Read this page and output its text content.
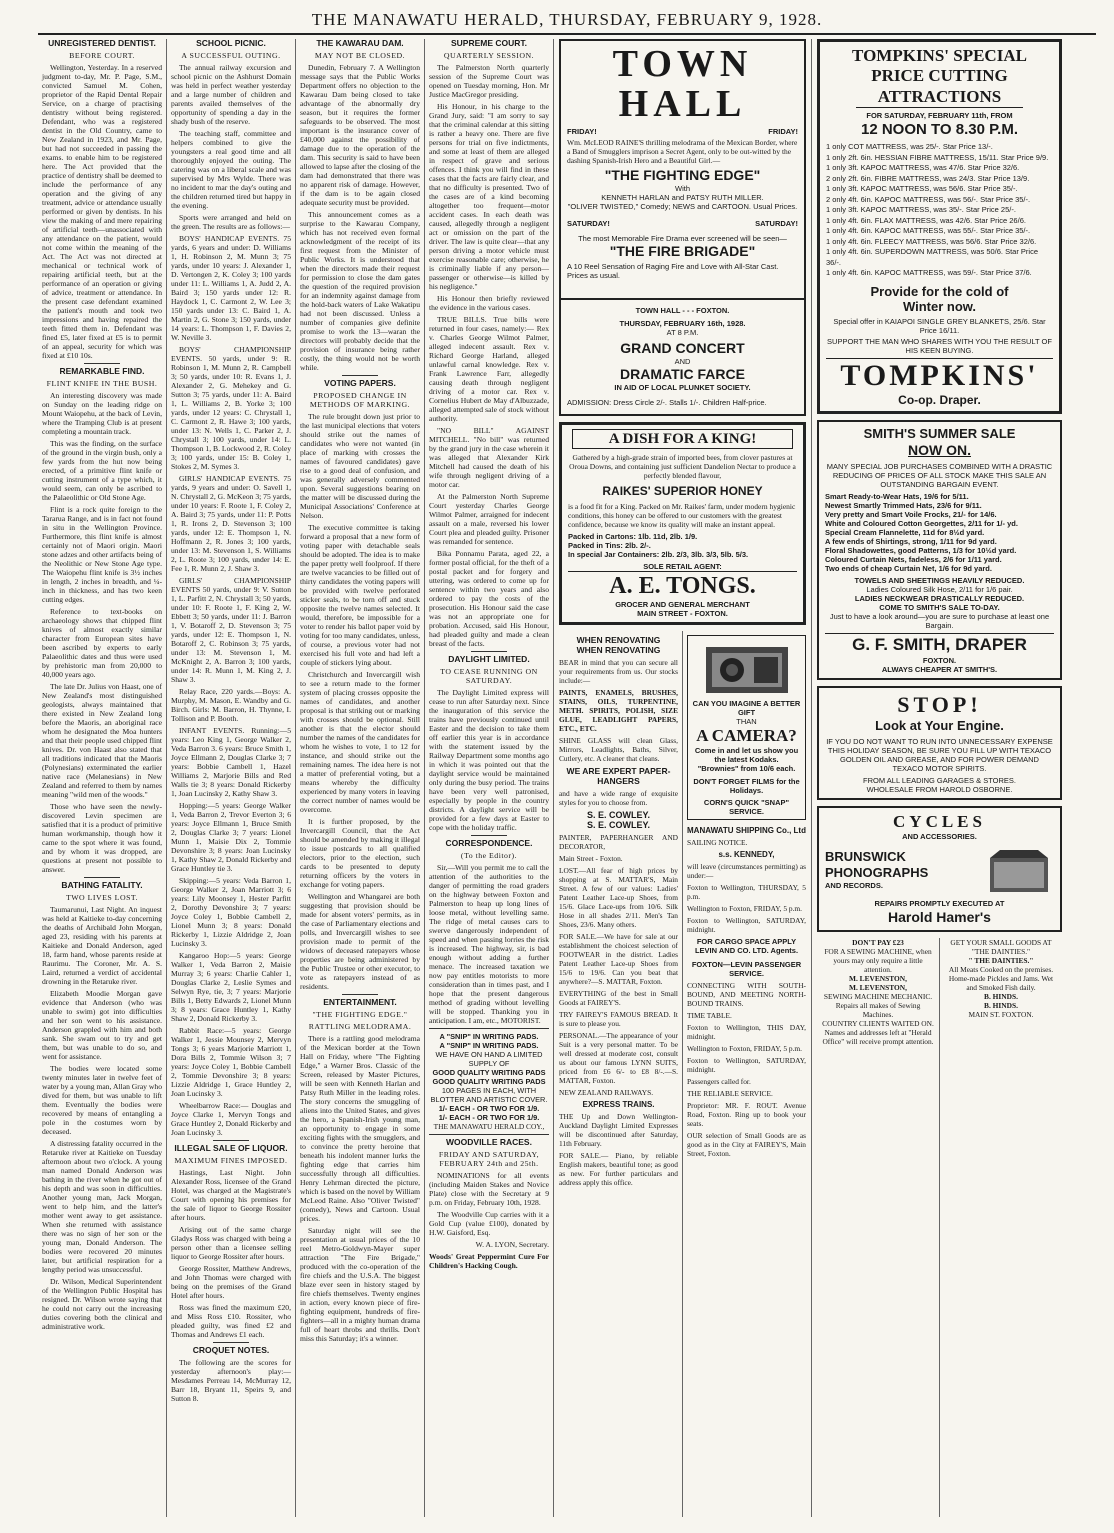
THE MANAWATU HERALD, THURSDAY, FEBRUARY 9, 1928.

UNREGISTERED DENTIST.

BEFORE COURT.

Wellington, Yesterday. In a reserved judgment to-day, Mr. P. Page, S.M., convicted Samuel M. Cohen, proprietor of the Rapid Dental Repair Service, on a charge of practising dentistry without being registered. Defendant, who was a registered dentist in the Old Country, came to New Zealand in 1923, and Mr. Page, but had not succeeded in passing the exams. to enable him to be registered here. The Act provided that the practice of dentistry shall be deemed to include the performance of any operation and the giving of any treatment, advice or attendance usually performed or given by dentists. In his view the making of and mere repairing of artificial teeth—unassociated with any attendance on the patient, would not come within the meaning of the Act. The Act was not directed at mechanical or technical work of repairing artificial teeth, but at the performance of an operation or giving of advice, treatment or attendance. In the present case defendant examined the patient's mouth and took two impressions and having repaired the teeth fitted them in. Defendant was fined £5, later fixed at £5 is to permit of an appeal, security for which was fixed at £10 10s.

REMARKABLE FIND.

FLINT KNIFE IN THE BUSH.

An interesting discovery was made on Sunday on the leading ridge on Mount Waiopehu, at the back of Levin, where the Tramping Club is at present completing a mountain track.

This was the finding, on the surface of the ground in the virgin bush, only a few yards from the hut now being erected, of a primitive flint knife or cutting instrument of a type which, it would seem, can only be ascribed to the Palaeolithic or Old Stone Age.

Flint is a rock quite foreign to the Tararua Range, and is in fact not found in situ in the Wellington Province. Furthermore, this flint knife is almost certainly not of Maori origin. Maori stone adzes and other artifacts being of the Neolithic or New Stone Age type. The Waiopehu flint knife is 3½ inches in length, 2 inches in breadth, and ¼-inch in thickness, and has two keen cutting edges.

Reference to text-books on archaeology shows that chipped flint knives of almost exactly similar character from European sites have been ascribed by experts to early Palaeolithic dates and thus were used by prehistoric man from 20,000 to 40,000 years ago.

The late Dr. Julius von Haast, one of New Zealand's most distinguished geologists, always maintained that there existed in New Zealand long before the Maoris, an aboriginal race whom he designated the Moa hunters and that their people used chipped flint knives. Dr. von Haast also stated that all traditions indicated that the Maoris (Polynesians) exterminated the earlier native race (Melanesians) in New Zealand and referred to them by names meaning "wild men of the woods."

Those who have seen the newly-discovered Levin specimen are satisfied that it is a product of primitive human workmanship, though how it came to the spot where it was found, and by whom it was dropped, are questions at present not possible to answer.

BATHING FATALITY.

TWO LIVES LOST.

Taumarunui, Last Night. An inquest was held at Kaitieke to-day concerning the deaths of Archibald John Morgan, aged 23, residing with his parents at Kaitieke and Donald Anderson, aged 18, farm hand, whose parents reside at Raurimu. The Coroner, Mr. A. S. Laird, returned a verdict of accidental drowning in the Retaruke river.

Elizabeth Moodie Morgan gave evidence that Anderson (who was unable to swim) got into difficulties and her son went to his assistance. Anderson grappled with him and both sank. She swam out to try and get them, but was unable to do so, and went for assistance.

The bodies were located some twenty minutes later in twelve feet of water by a young man, Allan Gray who dived for them, but was unable to lift them. Eventually the bodies were recovered by means of entangling a pole in the costumes worn by deceased.

A distressing fatality occurred in the Retaruke river at Kaitieke on Tuesday afternoon about two o'clock. A young man named Donald Anderson was bathing in the river when he got out of his depth and was soon in difficulties. Another young man, Jack Morgan, went to help him, and the latter's mother went away to get assistance. When she returned with assistance there was no sign of her son or the young man, Donald Anderson. The bodies were recovered 20 minutes later, but artificial respiration for a lengthy period was unsuccessful.

Dr. Wilson, Medical Superintendent of the Wellington Public Hospital has resigned. Dr. Wilson wrote saying that he could not carry out the increasing duties covering both the clinical and administrative work.

SCHOOL PICNIC.

A SUCCESSFUL OUTING.

The annual railway excursion and school picnic on the Ashhurst Domain was held in perfect weather yesterday and a large number of children and parents availed themselves of the opportunity of spending a day in the shady bush of the reserve.

The teaching staff, committee and helpers combined to give the youngsters a real good time and all thoroughly enjoyed the outing. The catering was on a liberal scale and was supervised by Mrs Wylde. There was no incident to mar the day's outing and the children returned tired but happy in the evening.

Sports were arranged and held on the green. The results are as follows:—

BOYS' HANDICAP EVENTS. 75 yards, 6 years and under: D. Williams 1, H. Robinson 2, M. Munn 3; 75 yards, under 10 years: J. Alexander 1, D. Vertongen 2, K. Coley 3; 100 yards under 11: L. Williams 1, A. Judd 2, A. Baird 3; 150 yards under 12: R. Haydock 1, C. Carmont 2, W. Lee 3; 150 yards under 13: C. Baird 1, A. Martin 2, G. Stone 3; 150 yards, under 14 years: L. Thompson 1, F. Davies 2, W. Neville 3.

BOYS' CHAMPIONSHIP EVENTS. 50 yards, under 9: R. Robinson 1, M. Munn 2, R. Campbell 3; 50 yards, under 10: R. Evans 1, J. Alexander 2, G. Mehekey and G. Sutton 3; 75 yards, under 11: A. Baird 1, L. Williams 2, B. Yorke 3; 100 yards, under 12 years: C. Chrystall 1, C. Carmont 2, R. Hawe 3; 100 yards, under 13: N. Wells 1, C. Parker 2, J. Chrystall 3; 100 yards, under 14: L. Thompson 1, B. Lockwood 2, R. Coley 3; 100 yards, under 15: B. Coley 1, Stokes 2, M. Symes 3.

GIRLS' HANDICAP EVENTS. 75 yards, 9 years and under: O. Savell 1, N. Chrystall 2, G. McKeon 3; 75 yards, under 10 years: F. Roote 1, F. Coley 2, A. Baird 3; 75 yards, under 11: P. Potts 1, R. Irons 2, D. Stevenson 3; 100 yards, under 12: E. Thompson 1, N. Hoffmann 2, R. Jones 3; 100 yards, under 13: M. Stevenson 1, S. Williams 2, L. Roote 3; 100 yards, under 14: E. Fee 1, R. Munn 2, J. Shaw 3.

GIRLS' CHAMPIONSHIP EVENTS 50 yards, under 9: V. Sutton 1, L. Parfitt 2, N. Chrystall 3; 50 yards, under 10: F. Roote 1, F. King 2, W. Ebbett 3; 50 yards, under 11: J. Barron 1, V. Botaroff 2, D. Stevenson 3; 75 yards, under 12: E. Thompson 1, N. Botaroff 2, C. Robinson 3; 75 yards, under 13: M. Stevenson 1, M. McKnight 2, A. Barron 3; 100 yards, under 14: R. Munn 1, M. King 2, J. Shaw 3.

Relay Race, 220 yards.—Boys: A. Murphy, M. Mason, E. Wandby and G. Birch. Girls: M. Barron, H. Thynne, I. Tollison and P. Booth.

INFANT EVENTS. Running:—5 years: Leo King 1, George Walker 2, Veda Barron 3. 6 years: Bruce Smith 1, Joyce Ellmann 2, Douglas Clarke 3; 7 years: Bobbie Cambell 1, Hazel Williams 2, Marjorie Bills and Red Walls tie 3; 8 years: Donald Rickerby 1, Joan Lucinsky 2, Kathy Shaw 3.

Hopping:—5 years: George Walker 1, Veda Barron 2, Trevor Everton 3; 6 years: Joyce Ellmann 1, Bruce Smith 2, Douglas Clarke 3; 7 years: Lionel Munn 1, Maisie Dix 2, Tommie Devonshire 3; 8 years: Joan Lucinsky 1, Kathy Shaw 2, Donald Rickerby and Grace Huntley tie 3.

Skipping:—5 years: Veda Barron 1, George Walker 2, Joan Marriott 3; 6 years: Lily Moonsey 1, Hester Parfitt 2, Dorothy Devonshire 3; 7 years: Joyce Coley 1, Bobbie Cambell 2, Lionel Munn 3; 8 years: Donald Rickerby 1, Lizzie Aldridge 2, Joan Lucinsky 3.

Kangaroo Hop:—5 years: George Walker 1, Veda Barron 2, Maisie Murray 3; 6 years: Charlie Cahler 1, Douglas Clarke 2, Leslie Symes and Selwyn Rye, tie, 3; 7 years: Marjorie Bills 1, Betty Edwards 2, Lionel Munn 3; 8 years: Grace Huntley 1, Kathy Shaw 2, Donald Rickerby 3.

Rabbit Race:—5 years: George Walker 1, Jessie Mounsey 2, Mervyn Tongs 3; 6 years Marjorie Marriott 1, Dora Bills 2, Tommie Wilson 3; 7 years: Joyce Coley 1, Bobbie Cambell 2, Tommie Devonshire 3; 8 years: Lizzie Aldridge 1, Grace Huntley 2, Joan Lucinsky 3.

Wheelbarrow Race:— Douglas and Joyce Clarke 1, Mervyn Tongs and Grace Huntley 2, Donald Rickerby and Joan Lucinsky 3.

ILLEGAL SALE OF LIQUOR.

MAXIMUM FINES IMPOSED.

Hastings, Last Night. John Alexander Ross, licensee of the Grand Hotel, was charged at the Magistrate's Court with opening his premises for the sale of liquor to George Rossiter after hours.

Arising out of the same charge Gladys Ross was charged with being a person other than a licensee selling liquor to George Rossiter after hours.

George Rossiter, Matthew Andrews, and John Thomas were charged with being on the premises of the Grand Hotel after hours.

Ross was fined the maximum £20, and Miss Ross £10. Rossiter, who pleaded guilty, was fined £2 and Thomas and Andrews £1 each.

CROQUET NOTES.

The following are the scores for yesterday afternoon's play:— Mesdames Perreau 14, McMurray 12, Barr 18, Bryant 11, Speirs 9, and Sutton 8.

THE KAWARAU DAM.

MAY NOT BE CLOSED.

Dunedin, February 7. A Wellington message says that the Public Works Department offers no objection to the Kawarau Dam being closed to take advantage of the abnormally dry season, but it requires the former safeguards to be observed. The most important is the insurance cover of £40,000 against the possibility of damage due to the operation of the dam. This security is said to have been allowed to lapse after the closing of the dam had demonstrated that there was no apparent risk of damage. However, if the dam is to be again closed adequate security must be provided.

This announcement comes as a surprise to the Kawarau Company, which has not received even formal acknowledgment of the receipt of its first request from the Minister of Public Works. It is understood that when the directors made their request for permission to close the dam gates the question of the required provision for an indemnity against damage from the hold-back waters of Lake Wakatipu had not been discussed. Unless a number of companies give definite promise to work the 13—waran the directors will probably decide that the provision of insurance being rather costly, the thing would not be worth while.

VOTING PAPERS.

PROPOSED CHANGE IN METHODS OF MARKING.

The rule brought down just prior to the last municipal elections that voters should strike out the names of candidates who were not wanted (in place of marking with crosses the names of favoured candidates) gave rise to a good deal of confusion, and was generally adversely commented upon. Several suggestions bearing on the matter will be discussed during the Municipal Associations' Conference at Nelson.

The executive committee is taking forward a proposal that a new form of voting paper with detachable seals should be adopted. The idea is to make the paper pretty well foolproof. If there are twelve vacancies to be filled out of thirty candidates the voting papers will be provided with twelve perforated sticker seals, to be torn off and stuck opposite the twelve names selected. It would, therefore, be impossible for a voter to render his ballot paper void by voting for too many candidates, unless, of course, a previous voter had not exercised his full vote and had left a couple of stickers lying about.

Christchurch and Invercargill wish to see a return made to the former system of placing crosses opposite the names of candidates, and another proposal is that striking out or marking with crosses should be optional. Still another is that the elector should number the names of the candidates for whom he wishes to vote, 1 to 12 for instance, and should strike out the remaining names. The idea here is not a matter of preferential voting, but a means whereby the difficulty experienced by many voters in leaving the correct number of names would be overcome.

It is further proposed, by the Invercargill Council, that the Act should be amended by making it illegal to issue postcards to all qualified electors, prior to the election, such cards to be presented to deputy returning officers by the voters in exchange for voting papers.

Wellington and Whangarei are both suggesting that provision should be made for absent voters' permits, as in the case of Parliamentary elections and polls, and Invercargill wishes to see provision made to permit of the widows of deceased ratepayers whose properties are being administered by the Public Trustee or other executor, to vote as ratepayers instead of as residents.

ENTERTAINMENT.

"THE FIGHTING EDGE."

RATTLING MELODRAMA.

There is a rattling good melodrama of the Mexican border at the Town Hall on Friday, where "The Fighting Edge," a Warner Bros. Classic of the Screen, released by Master Pictures, will be seen with Kenneth Harlan and Patsy Ruth Miller in the leading roles. The story concerns the smuggling of aliens into the United States, and gives the hero, a Spanish-Irish young man, an opportunity to engage in some exciting fights with the smugglers, and to convince the pretty heroine that beneath his indolent manner lurks the fighting edge that carries him successfully through all difficulties. Henry Lehrman directed the picture, which is based on the novel by William McLeod Raine. Also "Oliver Twisted" (comedy), News and Cartoon. Usual prices.

Saturday night will see the presentation at usual prices of the 10 reel Metro-Goldwyn-Mayer super attraction "The Fire Brigade," produced with the co-operation of the fire chiefs and the U.S.A. The biggest blaze ever seen in history staged by fire chiefs themselves. Twenty engines in action, every known piece of fire-fighting equipment, hundreds of fire-fighters—all in a mighty human drama full of heart throbs and thrills. Don't miss this Saturday; it's a winner.

SUPREME COURT.

QUARTERLY SESSION.

The Palmerston North quarterly session of the Supreme Court was opened on Tuesday morning, Hon. Mr Justice MacGregor presiding.

His Honour, in his charge to the Grand Jury, said: "I am sorry to say that the criminal calendar at this sitting is rather a heavy one. There are five persons for trial on five indictments, and some at least of them are alleged in respect of grave and serious offences. I think you will find in these cases that the facts are fairly clear, and that no difficulty is presented. Two of the cases are of a kind becoming altogether too frequent—motor accident cases. In each death was caused, allegedly through a negligent act or omission on the part of the driver. The law is quite clear—that any person driving a motor vehicle must exercise reasonable care; otherwise, he is criminally liable if any person—passenger or otherwise—is killed by his negligence."

His Honour then briefly reviewed the evidence in the various cases.

TRUE BILLS. True bills were returned in four cases, namely:— Rex v. Charles George Wilmot Palmer, alleged indecent assault. Rex v. Richard George Harland, alleged unlawful carnal knowledge. Rex v. Frank Lawrence Farr, allegedly causing death through negligent driving of a motor car. Rex v. Cornelius Hubert de May d'Albuzzade, alleged attempted sale of stock without authority.

"NO BILL" AGAINST MITCHELL. "No bill" was returned by the grand jury in the case wherein it was alleged that Alexander Kirk Mitchell had caused the death of his wife through negligent driving of a motor car.

At the Palmerston North Supreme Court yesterday Charles George Wilmot Palmer, arraigned for indecent assault on a male, reversed his lower Court plea and pleaded guilty. Prisoner was remanded for sentence.

Bika Ponnamu Parata, aged 22, a former postal official, for the theft of a postal packet and for forgery and uttering, was ordered to come up for sentence within two years and also ordered to pay the costs of the prosecution. His Honour said the case was not an appropriate one for probation. Accused, said His Honour, had pleaded guilty and made a clean breast of the facts.

DAYLIGHT LIMITED.

TO CEASE RUNNING ON SATURDAY.

The Daylight Limited express will cease to run after Saturday next. Since the inauguration of this service the trains have previously continued until Easter and the decision to take them off earlier this year is in accordance with the statement issued by the Railway Department some months ago in which it was pointed out that the daylight service would be maintained only during the busy period. The trains have been very well patronised, especially by people in the country districts. A daylight service will be provided for a few days at Easter to cope with the holiday traffic.

CORRESPONDENCE.

(To the Editor).

Sir,—Will you permit me to call the attention of the authorities to the danger of permitting the road graders on the highway between Foxton and Palmerston to heap up long lines of loose metal, without levelling same. The ridge of metal causes cars to swerve dangerously independent of speed and when passing lorries the risk is increased. The highway, sir, is bad enough without adding a further menace. The increased taxation we now pay entitles motorists to more consideration than in times past, and I hope that the present dangerous method of grading without levelling will be stopped. Thanking you in anticipation. I am, etc., MOTORIST.

A "SNIP" IN WRITING PADS.
A "SNIP" IN WRITING PADS.
WE HAVE ON HAND A LIMITED SUPPLY OF
GOOD QUALITY WRITING PADS
GOOD QUALITY WRITING PADS
100 PAGES IN EACH, WITH BLOTTER AND ARTISTIC COVER.
1/- EACH - OR TWO FOR 1/9.
1/- EACH - OR TWO FOR 1/9.
THE MANAWATU HERALD COY.,

WOODVILLE RACES.

FRIDAY AND SATURDAY, FEBRUARY 24th and 25th.

NOMINATIONS for all events (including Maiden Stakes and Novice Plate) close with the Secretary at 9 p.m. on Friday, February 10th, 1928.

The Woodville Cup carries with it a Gold Cup (value £100), donated by H.W. Gaisford, Esq.

W. A. LYON, Secretary.

Woods' Great Peppermint Cure For Children's Hacking Cough.

TOWN HALL
FRIDAY!	FRIDAY!
Wm. McLEOD RAINE'S thrilling melodrama of the Mexican Border, where a Band of Smugglers imprison a Secret Agent, only to be out-witted by the dashing Spanish-Irish Hero and a Beautiful Girl.—
"THE FIGHTING EDGE"
With
KENNETH HARLAN and PATSY RUTH MILLER.
"OLIVER TWISTED," Comedy; NEWS and CARTOON. Usual Prices.
SATURDAY!	SATURDAY!
The most Memorable Fire Drama ever screened will be seen—
"THE FIRE BRIGADE"
A 10 Reel Sensation of Raging Fire and Love with All-Star Cast.
Prices as usual.
TOWN HALL - - - FOXTON.
THURSDAY, FEBRUARY 16th, 1928.
AT 8 P.M.
GRAND CONCERT
AND
DRAMATIC FARCE
IN AID OF LOCAL PLUNKET SOCIETY.
ADMISSION: Dress Circle 2/-. Stalls 1/-. Children Half-price.
A DISH FOR A KING!
Gathered by a high-grade strain of imported bees, from clover pastures at Oroua Downs, and containing just sufficient Dandelion Nectar to produce a perfectly blended flavour,
RAIKES' SUPERIOR HONEY
is a food fit for a King. Packed on Mr. Raikes' farm, under modern hygienic conditions, this honey can be offered to our customers with the greatest confidence, because we know its quality will make an instant appeal.
Packed in Cartons: 1lb. 11d, 2lb. 1/9.
Packed in Tins: 2lb. 2/-.
In special Jar Containers: 2lb. 2/3, 3lb. 3/3, 5lb. 5/3.
SOLE RETAIL AGENT:
A. E. TONGS.
GROCER AND GENERAL MERCHANT
MAIN STREET - FOXTON.
WHEN RENOVATING
WHEN RENOVATING
BEAR in mind that you can secure all your requirements from us. Our stocks include:—
PAINTS, ENAMELS, BRUSHES, STAINS, OILS, TURPENTINE, METH. SPIRITS, POLISH, SIZE GLUE, LEADLIGHT PAPERS, ETC., ETC.
SHINE GLASS will clean Glass, Mirrors, Leadlights, Baths, Silver, Cutlery, etc. A cleaner that cleans.
WE ARE EXPERT PAPER-HANGERS
and have a wide range of exquisite styles for you to choose from.
S. E. COWLEY.
S. E. COWLEY.
PAINTER, PAPERHANGER AND DECORATOR,
Main Street - Foxton.
LOST.—All fear of high prices by shopping at S. MATTAR'S, Main Street. A few of our values: Ladies' Patent Leather Lace-up Shoes, from 15/6. Glace Lace-ups from 10/6. Silk Hose in all shades 2/11. Men's Tan Shoes, 23/6. Many others.
FOR SALE.—We have for sale at our establishment the choicest selection of FOOTWEAR in the district. Ladies Patent Leather Lace-up Shoes from 15/6 to 19/6. Can you beat that anywhere?—S. MATTAR, Foxton.
EVERYTHING of the best in Small Goods at FAIREY'S.
TRY FAIREY'S FAMOUS BREAD. It is sure to please you.
PERSONAL.—The appearance of your Suit is a very personal matter. To be well dressed at moderate cost, consult us about our famous LYNN SUITS, priced from £6 6/- to £8 8/-.—S. MATTAR, Foxton.
NEW ZEALAND RAILWAYS.
EXPRESS TRAINS.
THE Up and Down Wellington-Auckland Daylight Limited Expresses will be discontinued after Saturday, 11th February.
FOR SALE.— Piano, by reliable English makers, beautiful tone; as good as new. For further particulars and address apply this office.
CAN YOU IMAGINE A BETTER GIFT
THAN
A CAMERA?
Come in and let us show you the latest Kodaks.
"Brownies" from 10/6 each.
DON'T FORGET FILMS for the Holidays.
CORN'S QUICK "SNAP" SERVICE.
MANAWATU SHIPPING Co., Ltd
SAILING NOTICE.
s.s. KENNEDY,
will leave (circumstances permitting) as under:—
Foxton to Wellington, THURSDAY, 5 p.m.
Wellington to Foxton, FRIDAY, 5 p.m.
Foxton to Wellington, SATURDAY, midnight.
FOR CARGO SPACE APPLY LEVIN AND CO. LTD. Agents.
FOXTON—LEVIN PASSENGER SERVICE.
CONNECTING WITH SOUTH-BOUND, AND MEETING NORTH-BOUND TRAINS.
TIME TABLE.
Foxton to Wellington, THIS DAY, midnight.
Wellington to Foxton, FRIDAY, 5 p.m.
Foxton to Wellington, SATURDAY, midnight.
Passengers called for.
THE RELIABLE SERVICE.
Proprietor: MR. F. ROUT. Avenue Road, Foxton. Ring up to book your seats.
OUR selection of Small Goods are as good as in the City at FAIREY'S, Main Street, Foxton.
TOMPKINS' SPECIAL
PRICE CUTTING
ATTRACTIONS
FOR SATURDAY, FEBRUARY 11th, FROM
12 NOON TO 8.30 P.M.
1 only COT MATTRESS, was 25/-. Star Price 13/-.
1 only 2ft. 6in. HESSIAN FIBRE MATTRESS, 15/11. Star Price 9/9.
1 only 3ft. KAPOC MATTRESS, was 47/6. Star Price 32/6.
2 only 2ft. 6in. FIBRE MATTRESS, was 24/3. Star Price 13/9.
1 only 3ft. KAPOC MATTRESS, was 56/6. Star Price 35/-.
2 only 4ft. 6in. KAPOC MATTRESS, was 56/-. Star Price 35/-.
1 only 3ft. KAPOC MATTRESS, was 35/-. Star Price 25/-.
1 only 4ft. 6in. FLAX MATTRESS, was 42/6. Star Price 26/6.
1 only 4ft. 6in. KAPOC MATTRESS, was 55/-. Star Price 35/-.
1 only 4ft. 6in. FLEECY MATTRESS, was 56/6. Star Price 32/6.
1 only 4ft. 6in. SUPERDOWN MATTRESS, was 50/6. Star Price 36/-.
1 only 4ft. 6in. KAPOC MATTRESS, was 59/-. Star Price 37/6.
Provide for the cold of
Winter now.
Special offer in KAIAPOI SINGLE GREY BLANKETS, 25/6. Star Price 16/11.
SUPPORT THE MAN WHO SHARES WITH YOU THE RESULT OF HIS KEEN BUYING.
TOMPKINS'
Co-op. Draper.
SMITH'S SUMMER SALE
NOW ON.
MANY SPECIAL JOB PURCHASES COMBINED WITH A DRASTIC REDUCING OF PRICES OF ALL STOCK MAKE THIS SALE AN OUTSTANDING BARGAIN EVENT.
Smart Ready-to-Wear Hats, 19/6 for 5/11.
Newest Smartly Trimmed Hats, 23/6 for 9/11.
Very pretty and Smart Voile Frocks, 21/- for 14/6.
White and Coloured Cotton Georgettes, 2/11 for 1/- yd.
Special Cream Flannelette, 11d for 8½d yard.
A few ends of Shirtings, strong, 1/11 for 9d yard.
Floral Shadowettes, good Patterns, 1/3 for 10½d yard.
Coloured Curtain Nets, fadeless, 2/6 for 1/11 yard.
Two ends of cheap Curtain Net, 1/6 for 9d yard.
TOWELS AND SHEETINGS HEAVILY REDUCED.
Ladies Coloured Silk Hose, 2/11 for 1/6 pair.
LADIES NECKWEAR DRASTICALLY REDUCED.
COME TO SMITH'S SALE TO-DAY.
Just to have a look around—you are sure to purchase at least one Bargain.
G. F. SMITH, DRAPER
FOXTON.
ALWAYS CHEAPER AT SMITH'S.
STOP!
Look at Your Engine.
IF YOU DO NOT WANT TO RUN INTO UNNECESSARY EXPENSE THIS HOLIDAY SEASON, BE SURE YOU FILL UP WITH TEXACO GOLDEN OIL AND GREASE, AND FOR POWER DEMAND TEXACO MOTOR SPIRITS.
FROM ALL LEADING GARAGES & STORES.
WHOLESALE FROM HAROLD OSBORNE.
CYCLES
AND ACCESSORIES.
BRUNSWICK
PHONOGRAPHS
AND RECORDS.
REPAIRS PROMPTLY EXECUTED AT
Harold Hamer's
DON'T PAY £23
FOR A SEWING MACHINE, when yours may only require a little attention.
M. LEVENSTON,
M. LEVENSTON,
SEWING MACHINE MECHANIC.
Repairs all makes of Sewing Machines.
COUNTRY CLIENTS WAITED ON. Names and addresses left at "Herald Office" will receive prompt attention.
GET YOUR SMALL GOODS AT "THE DAINTIES."
" THE DAINTIES."
All Meats Cooked on the premises. Home-made Pickles and Jams. Wet and Smoked Fish daily.
B. HINDS.
B. HINDS.
MAIN ST. FOXTON.
